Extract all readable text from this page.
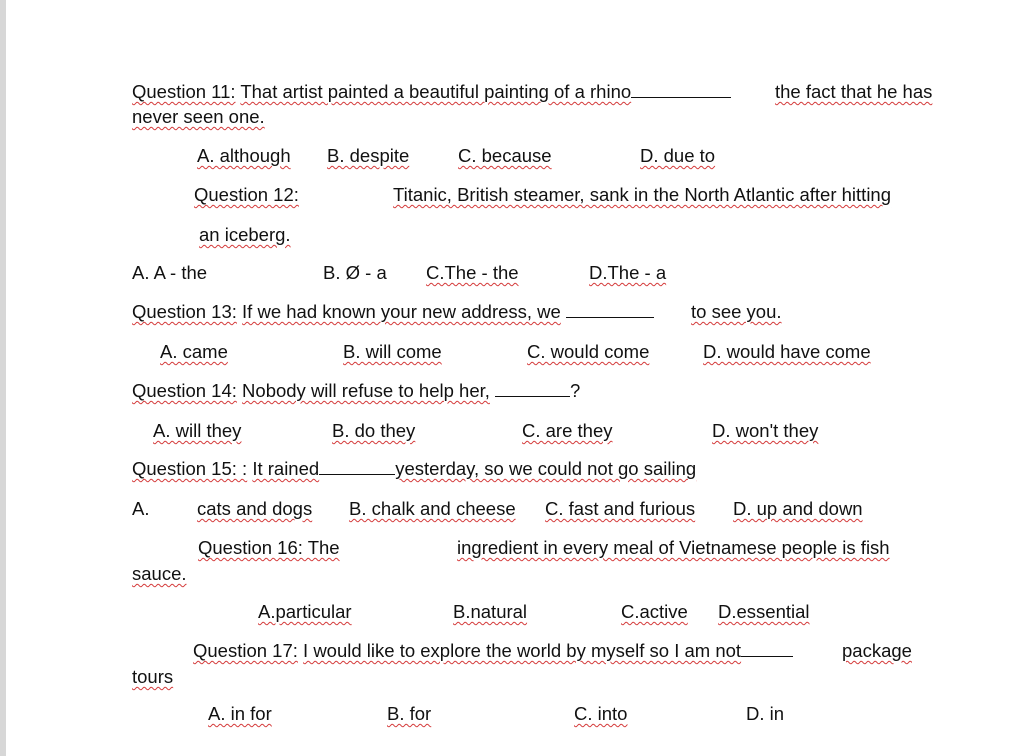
Question 11: That artist painted a beautiful painting of a rhino	the fact that he has
never seen one.
A. although B. despite	C. because	D. due to
Question 12:	Titanic, British steamer, sank in the North Atlantic after hitting
an iceberg.
A. A - the	B. Ø - a C.The - the	D.The - a
Question 13: If we had known your new address, we	to see you.
A. came	B. will come	C. would come	D. would have come
Question 14: Nobody will refuse to help her,	?
A. will they	B. do they	C. are they	D. won't they
Question 15: : It rained	yesterday, so we could not go sailing
A.	cats and dogs B. chalk and cheese C. fast and furious D. up and down
Question 16: The	ingredient in every meal of Vietnamese people is fish
sauce.
A.particular	B.natural	C.active D.essential
Question 17: I would like to explore the world by myself so I am not	package
tours
A. in for	B. for	C. into	D. in
